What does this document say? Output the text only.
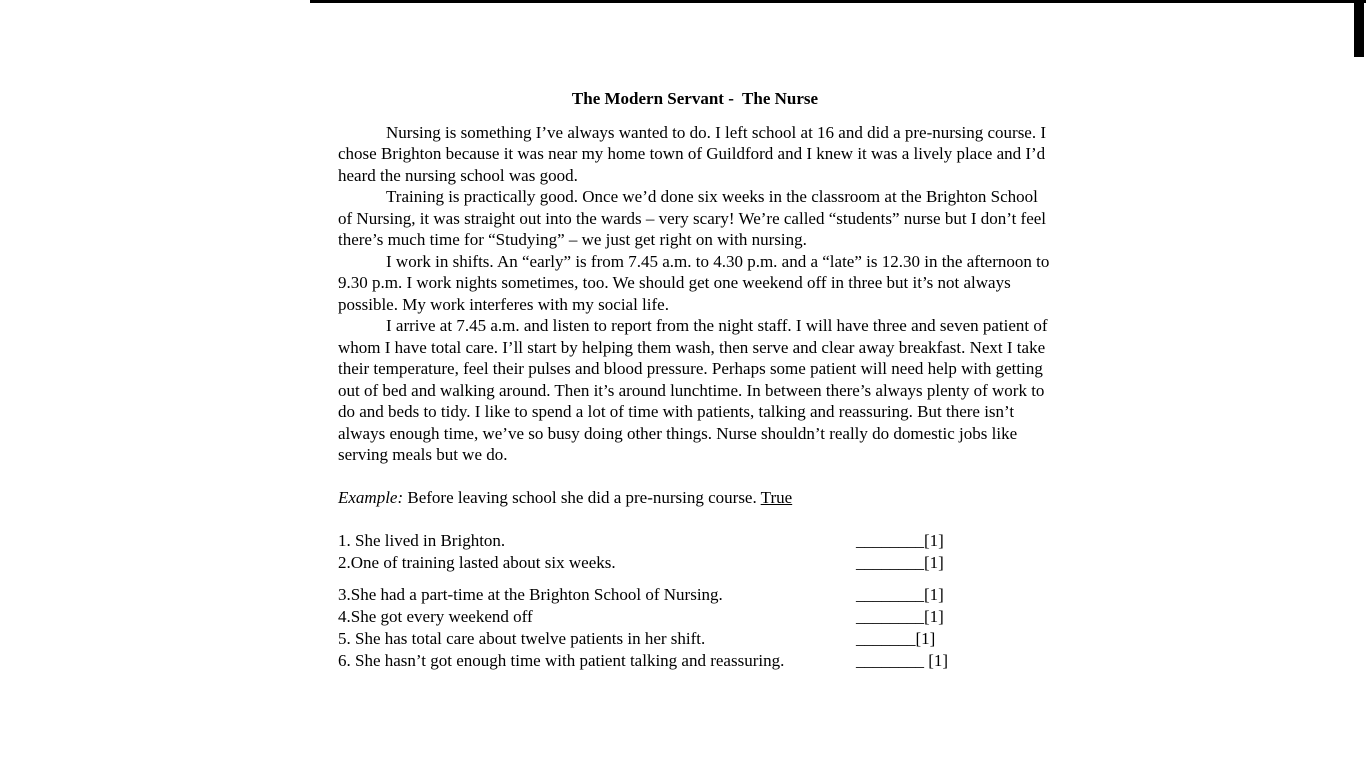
The Modern Servant -  The Nurse

Nursing is something I’ve always wanted to do. I left school at 16 and did a pre-nursing course. I chose Brighton because it was near my home town of Guildford and I knew it was a lively place and I’d heard the nursing school was good.

Training is practically good. Once we’d done six weeks in the classroom at the Brighton School of Nursing, it was straight out into the wards – very scary! We’re called “students” nurse but I don’t feel there’s much time for “Studying” – we just get right on with nursing.

I work in shifts. An “early” is from 7.45 a.m. to 4.30 p.m. and a “late” is 12.30 in the afternoon to 9.30 p.m. I work nights sometimes, too. We should get one weekend off in three but it’s not always possible. My work interferes with my social life.

I arrive at 7.45 a.m. and listen to report from the night staff. I will have three and seven patient of whom I have total care. I’ll start by helping them wash, then serve and clear away breakfast. Next I take their temperature, feel their pulses and blood pressure. Perhaps some patient will need help with getting out of bed and walking around. Then it’s around lunchtime. In between there’s always plenty of work to do and beds to tidy. I like to spend a lot of time with patients, talking and reassuring. But there isn’t always enough time, we’ve so busy doing other things. Nurse shouldn’t really do domestic jobs like serving meals but we do.

Example: Before leaving school she did a pre-nursing course. True

1. She lived in Brighton.	________[1]
2.One of training lasted about six weeks.	________[1]
3.She had a part-time at the Brighton School of Nursing.	________[1]
4.She got every weekend off	________[1]
5. She has total care about twelve patients in her shift.	_______[1]
6. She hasn’t got enough time with patient talking and reassuring.	________ [1]
